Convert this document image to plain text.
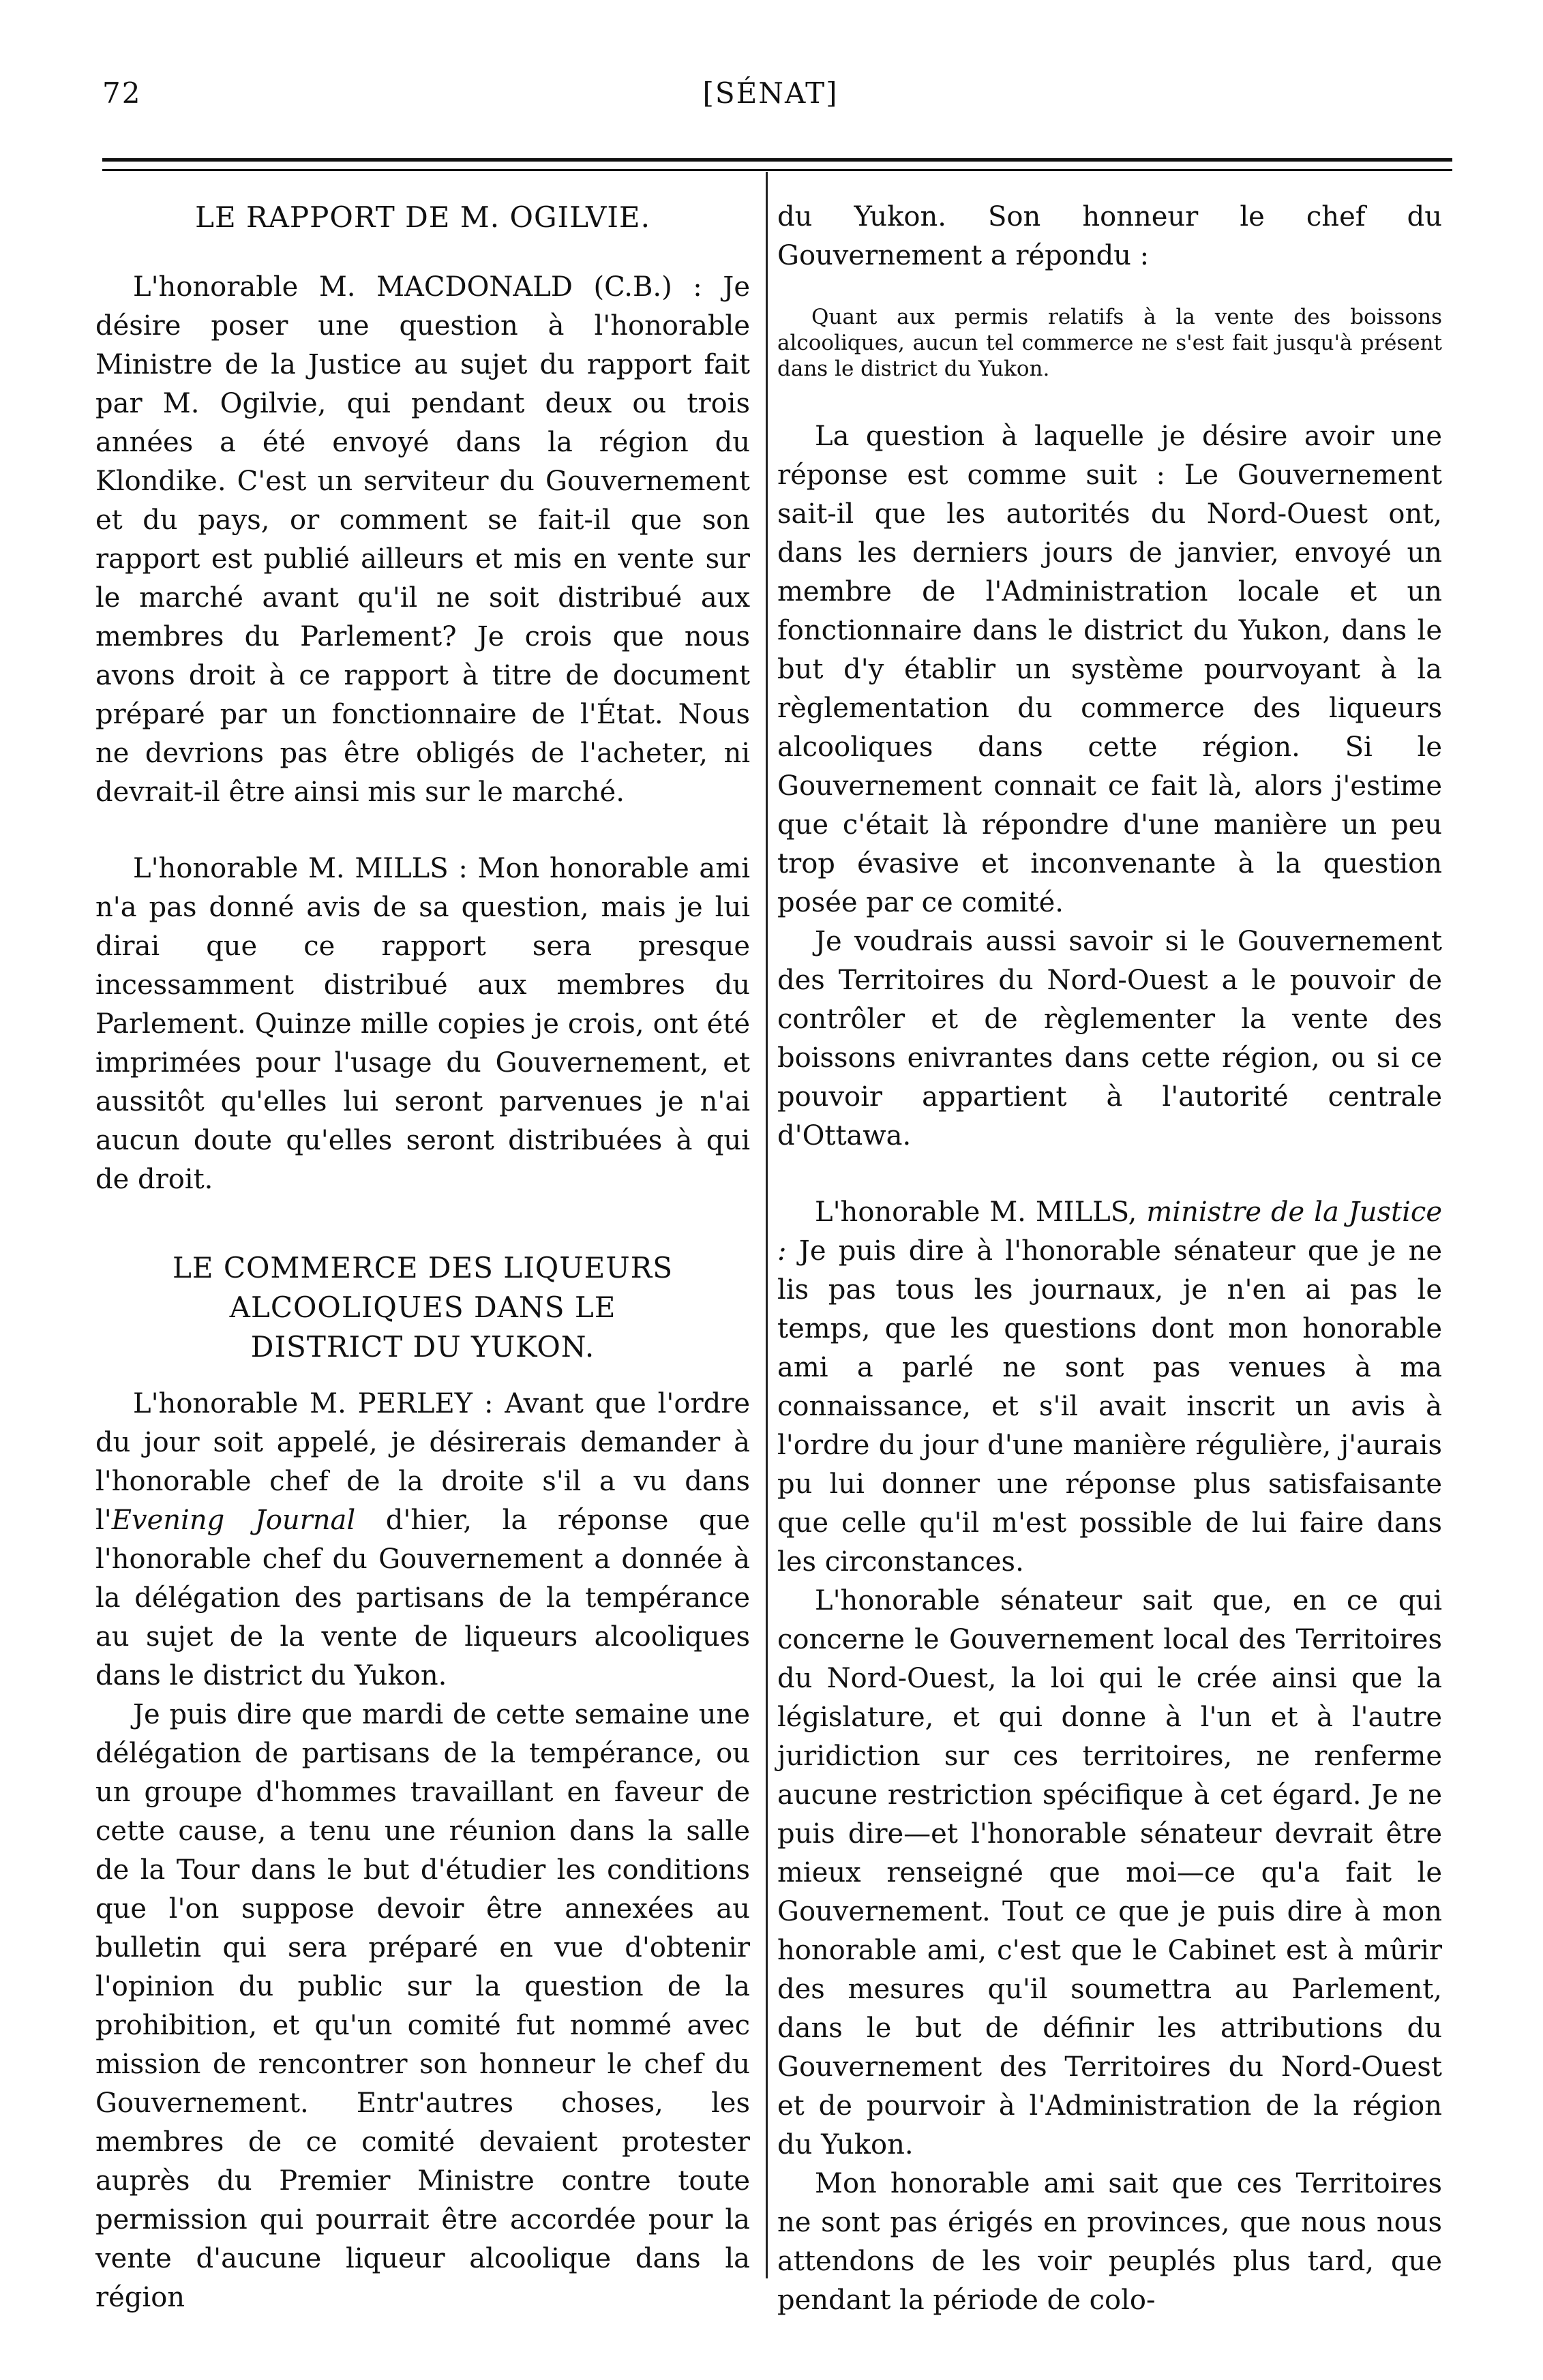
72	[SÉNAT]

LE RAPPORT DE M. OGILVIE.

L'honorable M. MACDONALD (C.B.) : Je désire poser une question à l'honorable Ministre de la Justice au sujet du rapport fait par M. Ogilvie, qui pendant deux ou trois années a été envoyé dans la région du Klondike. C'est un serviteur du Gouvernement et du pays, or comment se fait-il que son rapport est publié ailleurs et mis en vente sur le marché avant qu'il ne soit distribué aux membres du Parlement? Je crois que nous avons droit à ce rapport à titre de document préparé par un fonctionnaire de l'État. Nous ne devrions pas être obligés de l'acheter, ni devrait-il être ainsi mis sur le marché.

L'honorable M. MILLS : Mon honorable ami n'a pas donné avis de sa question, mais je lui dirai que ce rapport sera presque incessamment distribué aux membres du Parlement. Quinze mille copies je crois, ont été imprimées pour l'usage du Gouvernement, et aussitôt qu'elles lui seront parvenues je n'ai aucun doute qu'elles seront distribuées à qui de droit.

LE COMMERCE DES LIQUEURS
ALCOOLIQUES DANS LE
DISTRICT DU YUKON.

L'honorable M. PERLEY : Avant que l'ordre du jour soit appelé, je désirerais demander à l'honorable chef de la droite s'il a vu dans l'Evening Journal d'hier, la réponse que l'honorable chef du Gouvernement a donnée à la délégation des partisans de la tempérance au sujet de la vente de liqueurs alcooliques dans le district du Yukon.

Je puis dire que mardi de cette semaine une délégation de partisans de la tempérance, ou un groupe d'hommes travaillant en faveur de cette cause, a tenu une réunion dans la salle de la Tour dans le but d'étudier les conditions que l'on suppose devoir être annexées au bulletin qui sera préparé en vue d'obtenir l'opinion du public sur la question de la prohibition, et qu'un comité fut nommé avec mission de rencontrer son honneur le chef du Gouvernement. Entr'autres choses, les membres de ce comité devaient protester auprès du Premier Ministre contre toute permission qui pourrait être accordée pour la vente d'aucune liqueur alcoolique dans la région

du Yukon. Son honneur le chef du Gouvernement a répondu :

Quant aux permis relatifs à la vente des boissons alcooliques, aucun tel commerce ne s'est fait jusqu'à présent dans le district du Yukon.

La question à laquelle je désire avoir une réponse est comme suit : Le Gouvernement sait-il que les autorités du Nord-Ouest ont, dans les derniers jours de janvier, envoyé un membre de l'Administration locale et un fonctionnaire dans le district du Yukon, dans le but d'y établir un système pourvoyant à la règlementation du commerce des liqueurs alcooliques dans cette région. Si le Gouvernement connait ce fait là, alors j'estime que c'était là répondre d'une manière un peu trop évasive et inconvenante à la question posée par ce comité.

Je voudrais aussi savoir si le Gouvernement des Territoires du Nord-Ouest a le pouvoir de contrôler et de règlementer la vente des boissons enivrantes dans cette région, ou si ce pouvoir appartient à l'autorité centrale d'Ottawa.

L'honorable M. MILLS, ministre de la Justice : Je puis dire à l'honorable sénateur que je ne lis pas tous les journaux, je n'en ai pas le temps, que les questions dont mon honorable ami a parlé ne sont pas venues à ma connaissance, et s'il avait inscrit un avis à l'ordre du jour d'une manière régulière, j'aurais pu lui donner une réponse plus satisfaisante que celle qu'il m'est possible de lui faire dans les circonstances.

L'honorable sénateur sait que, en ce qui concerne le Gouvernement local des Territoires du Nord-Ouest, la loi qui le crée ainsi que la législature, et qui donne à l'un et à l'autre juridiction sur ces territoires, ne renferme aucune restriction spécifique à cet égard. Je ne puis dire—et l'honorable sénateur devrait être mieux renseigné que moi—ce qu'a fait le Gouvernement. Tout ce que je puis dire à mon honorable ami, c'est que le Cabinet est à mûrir des mesures qu'il soumettra au Parlement, dans le but de définir les attributions du Gouvernement des Territoires du Nord-Ouest et de pourvoir à l'Administration de la région du Yukon.

Mon honorable ami sait que ces Territoires ne sont pas érigés en provinces, que nous nous attendons de les voir peuplés plus tard, que pendant la période de colo-
